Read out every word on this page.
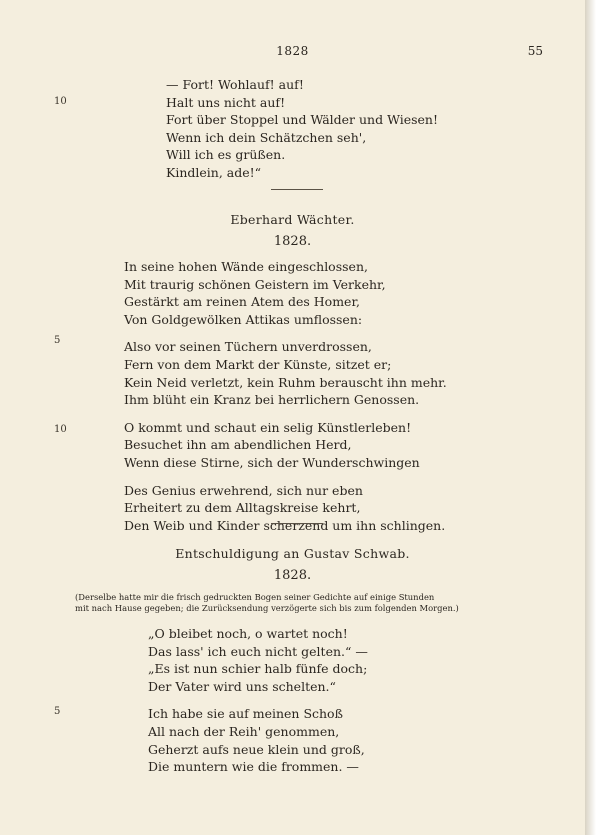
1828	55
10
— Fort! Wohlauf! auf!
Halt uns nicht auf!
Fort über Stoppel und Wälder und Wiesen!
Wenn ich dein Schätzchen seh',
Will ich es grüßen.
Kindlein, ade!“
Eberhard Wächter.
1828.
5
10
In seine hohen Wände eingeschlossen,
Mit traurig schönen Geistern im Verkehr,
Gestärkt am reinen Atem des Homer,
Von Goldgewölken Attikas umflossen:
Also vor seinen Tüchern unverdrossen,
Fern von dem Markt der Künste, sitzet er;
Kein Neid verletzt, kein Ruhm berauscht ihn mehr.
Ihm blüht ein Kranz bei herrlichern Genossen.
O kommt und schaut ein selig Künstlerleben!
Besuchet ihn am abendlichen Herd,
Wenn diese Stirne, sich der Wunderschwingen
Des Genius erwehrend, sich nur eben
Erheitert zu dem Alltagskreise kehrt,
Den Weib und Kinder scherzend um ihn schlingen.
Entschuldigung an Gustav Schwab.
1828.
(Derselbe hatte mir die frisch gedruckten Bogen seiner Gedichte auf einige Stunden
mit nach Hause gegeben; die Zurücksendung verzögerte sich bis zum folgenden Morgen.)
5
„O bleibet noch, o wartet noch!
Das lass' ich euch nicht gelten.“ —
„Es ist nun schier halb fünfe doch;
Der Vater wird uns schelten.“
Ich habe sie auf meinen Schoß
All nach der Reih' genommen,
Geherzt aufs neue klein und groß,
Die muntern wie die frommen. —
